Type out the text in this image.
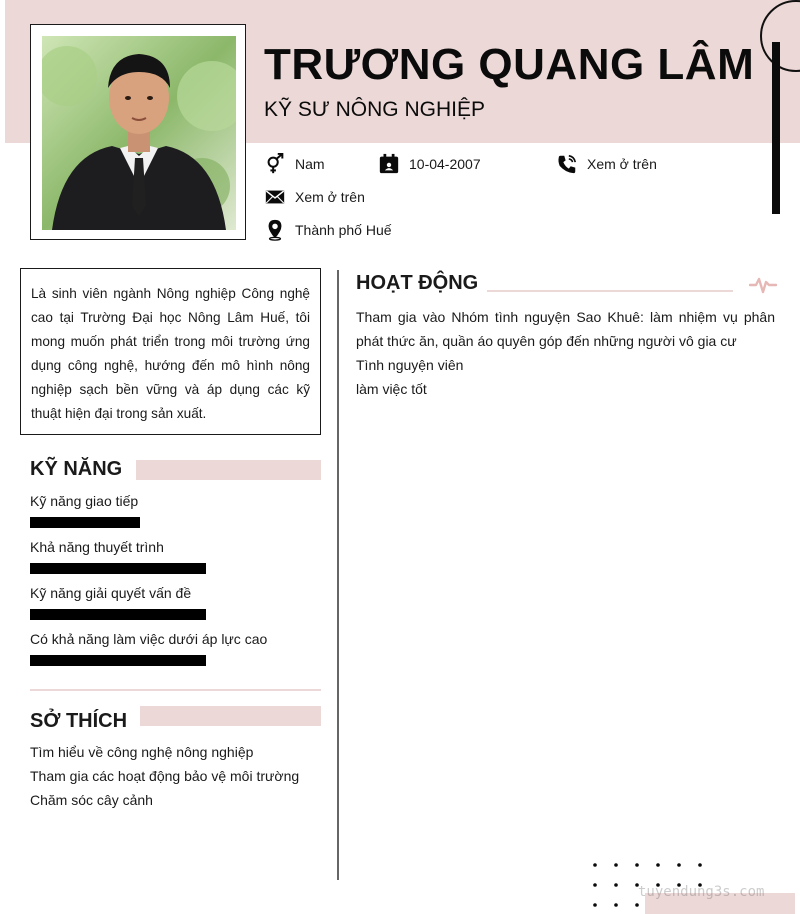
TRƯƠNG QUANG LÂM
KỸ SƯ NÔNG NGHIỆP
Nam	10-04-2007	Xem ở trên
Xem ở trên
Thành phố Huế
Là sinh viên ngành Nông nghiệp Công nghệ cao tại Trường Đại học Nông Lâm Huế, tôi mong muốn phát triển trong môi trường ứng dụng công nghệ, hướng đến mô hình nông nghiệp sạch bền vững và áp dụng các kỹ thuật hiện đại trong sản xuất.
KỸ NĂNG
Kỹ năng giao tiếp
Khả năng thuyết trình
Kỹ năng giải quyết vấn đề
Có khả năng làm việc dưới áp lực cao
SỞ THÍCH
Tìm hiểu về công nghệ nông nghiệp
Tham gia các hoạt động bảo vệ môi trường
Chăm sóc cây cảnh
HOẠT ĐỘNG
Tham gia vào Nhóm tình nguyện Sao Khuê: làm nhiệm vụ phân phát thức ăn, quần áo quyên góp đến những người vô gia cư
Tình nguyện viên
làm việc tốt
tuyendung3s.com
